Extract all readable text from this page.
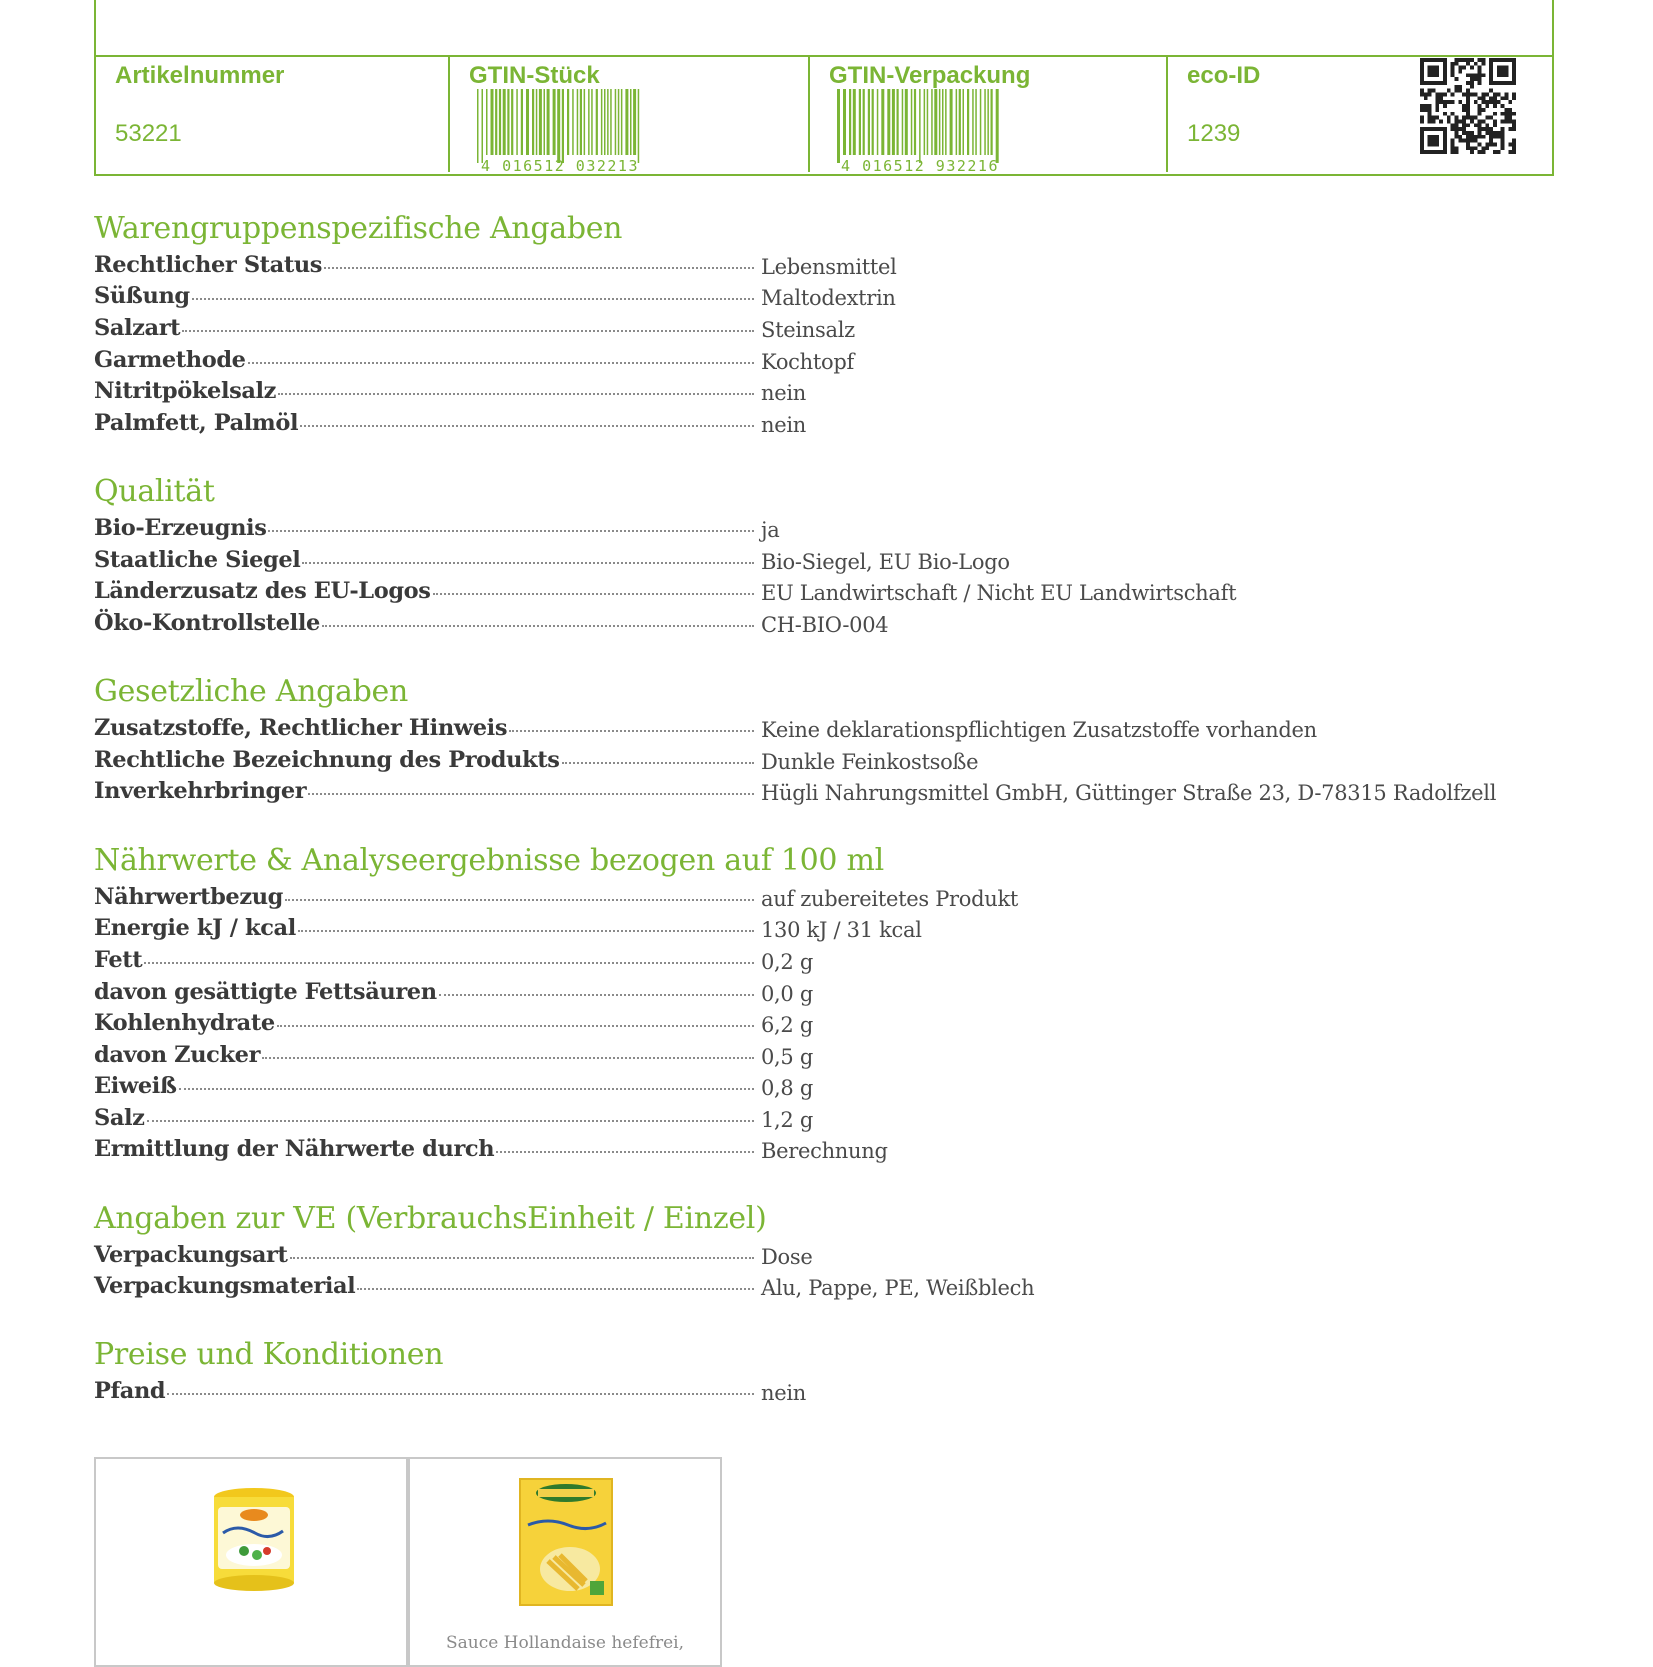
Artikelnummer
53221
GTIN-Stück
4 016512 032213
GTIN-Verpackung
4 016512 932216
eco-ID
1239
Warengruppenspezifische Angaben
Rechtlicher Status	Lebensmittel
Süßung	Maltodextrin
Salzart	Steinsalz
Garmethode	Kochtopf
Nitritpökelsalz	nein
Palmfett, Palmöl	nein
Qualität
Bio-Erzeugnis	ja
Staatliche Siegel	Bio-Siegel, EU Bio-Logo
Länderzusatz des EU-Logos	EU Landwirtschaft / Nicht EU Landwirtschaft
Öko-Kontrollstelle	CH-BIO-004
Gesetzliche Angaben
Zusatzstoffe, Rechtlicher Hinweis	Keine deklarationspflichtigen Zusatzstoffe vorhanden
Rechtliche Bezeichnung des Produkts	Dunkle Feinkostsoße
Inverkehrbringer	Hügli Nahrungsmittel GmbH, Güttinger Straße 23, D-78315 Radolfzell
Nährwerte & Analyseergebnisse bezogen auf 100 ml
Nährwertbezug	auf zubereitetes Produkt
Energie kJ / kcal	130 kJ / 31 kcal
Fett	0,2 g
davon gesättigte Fettsäuren	0,0 g
Kohlenhydrate	6,2 g
davon Zucker	0,5 g
Eiweiß	0,8 g
Salz	1,2 g
Ermittlung der Nährwerte durch	Berechnung
Angaben zur VE (VerbrauchsEinheit / Einzel)
Verpackungsart	Dose
Verpackungsmaterial	Alu, Pappe, PE, Weißblech
Preise und Konditionen
Pfand	nein
Sauce Hollandaise hefefrei,
